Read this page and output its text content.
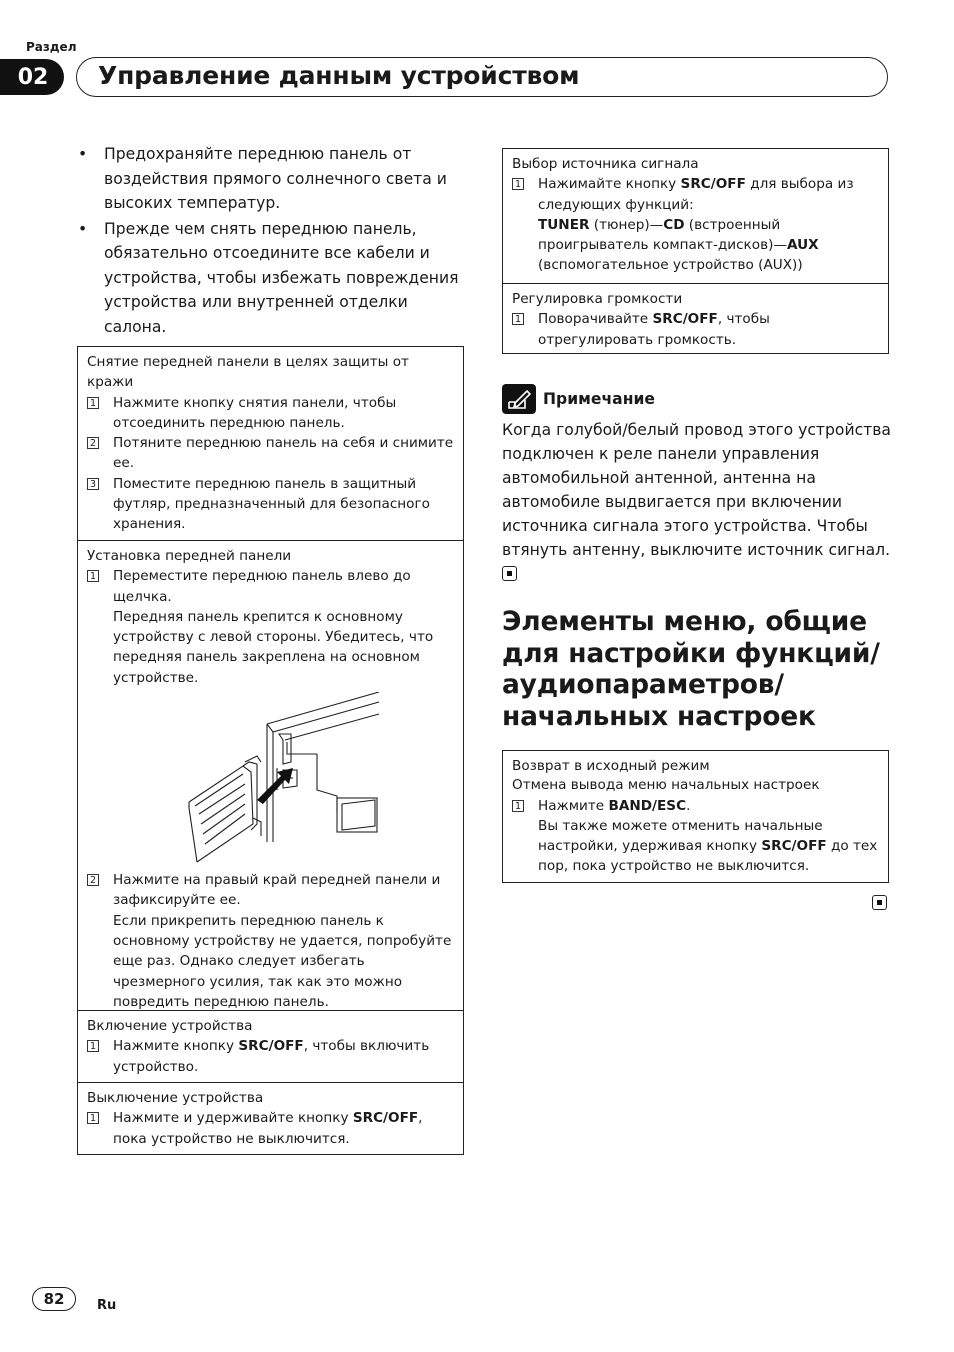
Раздел
02	Управление данным устройством
• Предохраняйте переднюю панель от воздействия прямого солнечного света и высоких температур.
• Прежде чем снять переднюю панель, обязательно отсоедините все кабели и устройства, чтобы избежать повреждения устройства или внутренней отделки салона.
Снятие передней панели в целях защиты от кражи
1 Нажмите кнопку снятия панели, чтобы отсоединить переднюю панель.
2 Потяните переднюю панель на себя и снимите ее.
3 Поместите переднюю панель в защитный футляр, предназначенный для безопасного хранения.
Установка передней панели
1 Переместите переднюю панель влево до щелчка.
Передняя панель крепится к основному устройству с левой стороны. Убедитесь, что передняя панель закреплена на основном устройстве.
2 Нажмите на правый край передней панели и зафиксируйте ее.
Если прикрепить переднюю панель к основному устройству не удается, попробуйте еще раз. Однако следует избегать чрезмерного усилия, так как это можно повредить переднюю панель.
Включение устройства
1 Нажмите кнопку SRC/OFF, чтобы включить устройство.
Выключение устройства
1 Нажмите и удерживайте кнопку SRC/OFF, пока устройство не выключится.
Выбор источника сигнала
1 Нажимайте кнопку SRC/OFF для выбора из следующих функций:
TUNER (тюнер)—CD (встроенный проигрыватель компакт-дисков)—AUX (вспомогательное устройство (AUX))
Регулировка громкости
1 Поворачивайте SRC/OFF, чтобы отрегулировать громкость.
Примечание
Когда голубой/белый провод этого устройства подключен к реле панели управления автомобильной антенной, антенна на автомобиле выдвигается при включении источника сигнала этого устройства. Чтобы втянуть антенну, выключите источник сигнал.
Элементы меню, общие для настройки функций/ аудиопараметров/ начальных настроек
Возврат в исходный режим
Отмена вывода меню начальных настроек
1 Нажмите BAND/ESC.
Вы также можете отменить начальные настройки, удерживая кнопку SRC/OFF до тех пор, пока устройство не выключится.
82	Ru
